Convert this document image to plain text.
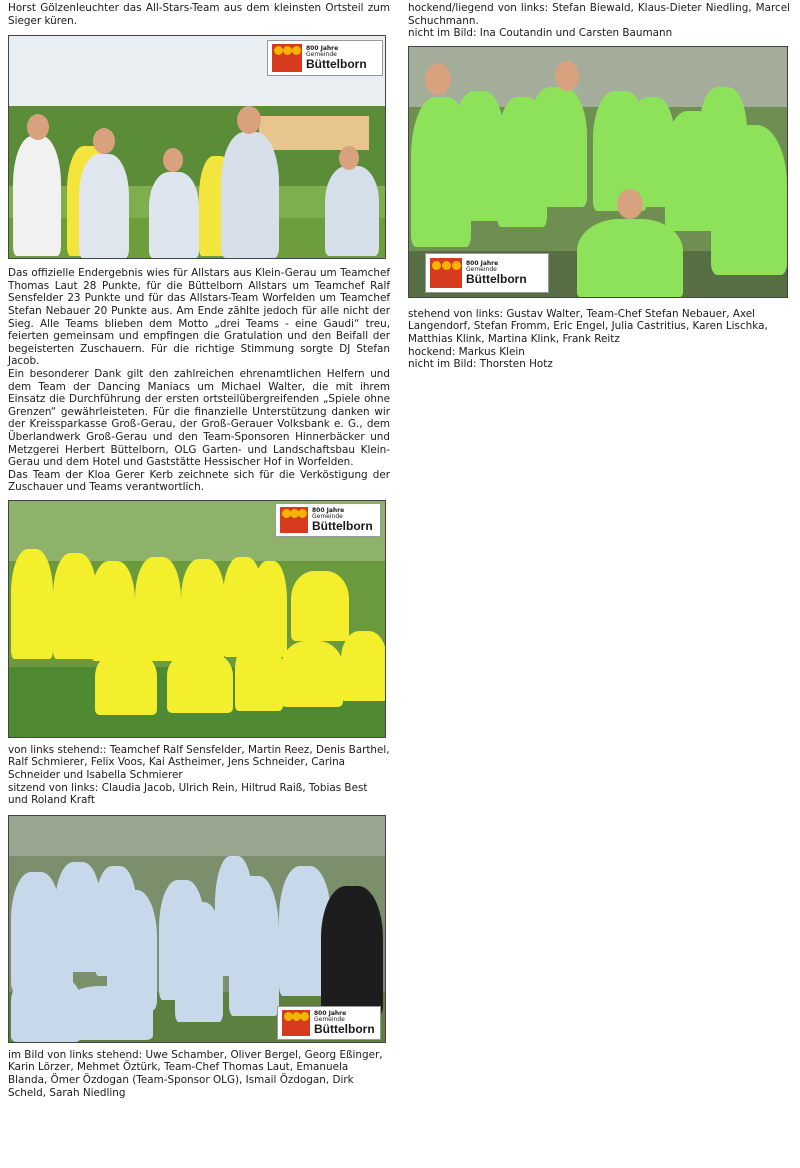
Horst Gölzenleuchter das All-Stars-Team aus dem kleinsten Ortsteil zum Sieger küren.

800 Jahre
Gemeinde
Büttelborn

Das offizielle Endergebnis wies für Allstars aus Klein-Gerau um Teamchef Thomas Laut 28 Punkte, für die Büttelborn Allstars um Teamchef Ralf Sensfelder 23 Punkte und für das Allstars-Team Worfelden um Teamchef Stefan Nebauer 20 Punkte aus. Am Ende zählte jedoch für alle nicht der Sieg. Alle Teams blieben dem Motto „drei Teams - eine Gaudi“ treu, feierten gemeinsam und empfingen die Gratulation und den Beifall der begeisterten Zuschauern. Für die richtige Stimmung sorgte DJ Stefan Jacob.

Ein besonderer Dank gilt den zahlreichen ehrenamtlichen Helfern und dem Team der Dancing Maniacs um Michael Walter, die mit ihrem Einsatz die Durchführung der ersten ortsteilübergreifenden „Spiele ohne Grenzen“ gewährleisteten. Für die finanzielle Unterstützung danken wir der Kreissparkasse Groß-Gerau, der Groß-Gerauer Volksbank e. G., dem Überlandwerk Groß-Gerau und den Team-Sponsoren Hinnerbäcker und Metzgerei Herbert Büttelborn, OLG Garten- und Landschaftsbau Klein-Gerau und dem Hotel und Gaststätte Hessischer Hof in Worfelden.

Das Team der Kloa Gerer Kerb zeichnete sich für die Verköstigung der Zuschauer und Teams verantwortlich.

800 Jahre
Gemeinde
Büttelborn

von links stehend:: Teamchef Ralf Sensfelder, Martin Reez, Denis Barthel, Ralf Schmierer, Felix Voos, Kai Astheimer, Jens Schneider, Carina Schneider und Isabella Schmierer

sitzend von links: Claudia Jacob, Ulrich Rein, Hiltrud Raiß, Tobias Best und Roland Kraft

800 Jahre
Gemeinde
Büttelborn

im Bild von links stehend: Uwe Schamber, Oliver Bergel, Georg Eßinger, Karin Lörzer, Mehmet Öztürk, Team-Chef Thomas Laut, Emanuela Blanda, Ömer Özdogan (Team-Sponsor OLG), Ismail Özdogan, Dirk Scheld, Sarah Niedling

hockend/liegend von links: Stefan Biewald, Klaus-Dieter Niedling, Marcel Schuchmann.

nicht im Bild: Ina Coutandin und Carsten Baumann

800 Jahre
Gemeinde
Büttelborn

stehend von links: Gustav Walter, Team-Chef Stefan Nebauer, Axel Langendorf, Stefan Fromm, Eric Engel, Julia Castritius, Karen Lischka, Matthias Klink, Martina Klink, Frank Reitz

hockend: Markus Klein

nicht im Bild: Thorsten Hotz
